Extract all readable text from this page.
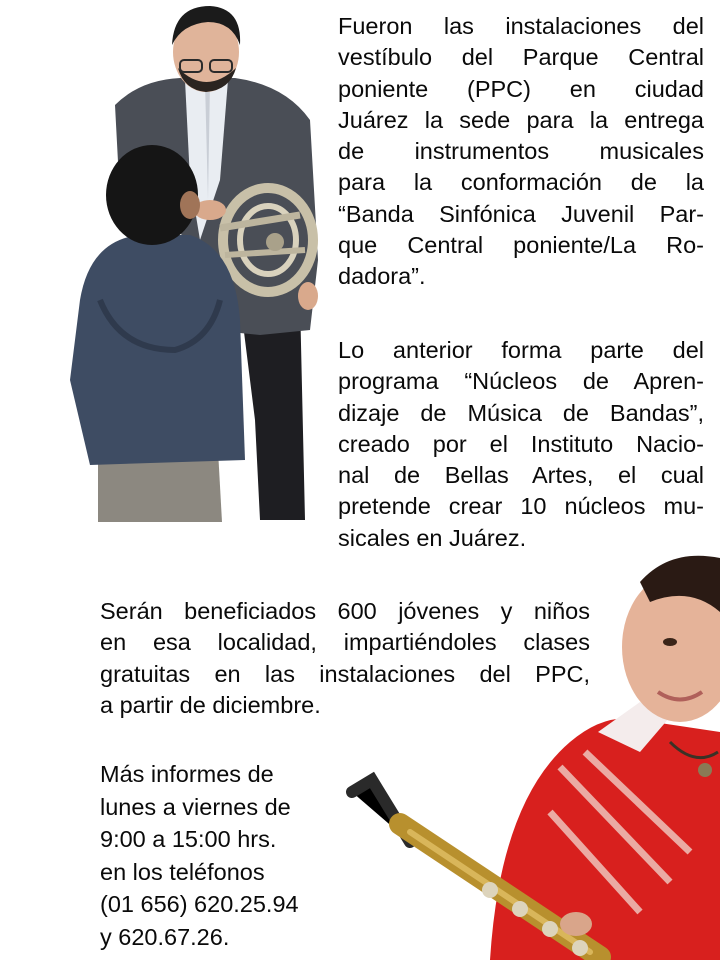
Fueron las instalaciones del
vestíbulo del Parque Central
poniente (PPC) en ciudad
Juárez la sede para la entrega
de instrumentos musicales
para la conformación de la
“Banda Sinfónica Juvenil Par-
que Central poniente/La Ro-
dadora”.

Lo anterior forma parte del
programa “Núcleos de Apren-
dizaje de Música de Bandas”,
creado por el Instituto Nacio-
nal de Bellas Artes, el cual
pretende crear 10 núcleos mu-
sicales en Juárez.

Serán beneficiados 600 jóvenes y niños
en esa localidad, impartiéndoles clases
gratuitas en las instalaciones del PPC,
a partir de diciembre.

Más informes de
lunes a viernes de
9:00 a 15:00 hrs.
en los teléfonos
(01 656) 620.25.94
y 620.67.26.
